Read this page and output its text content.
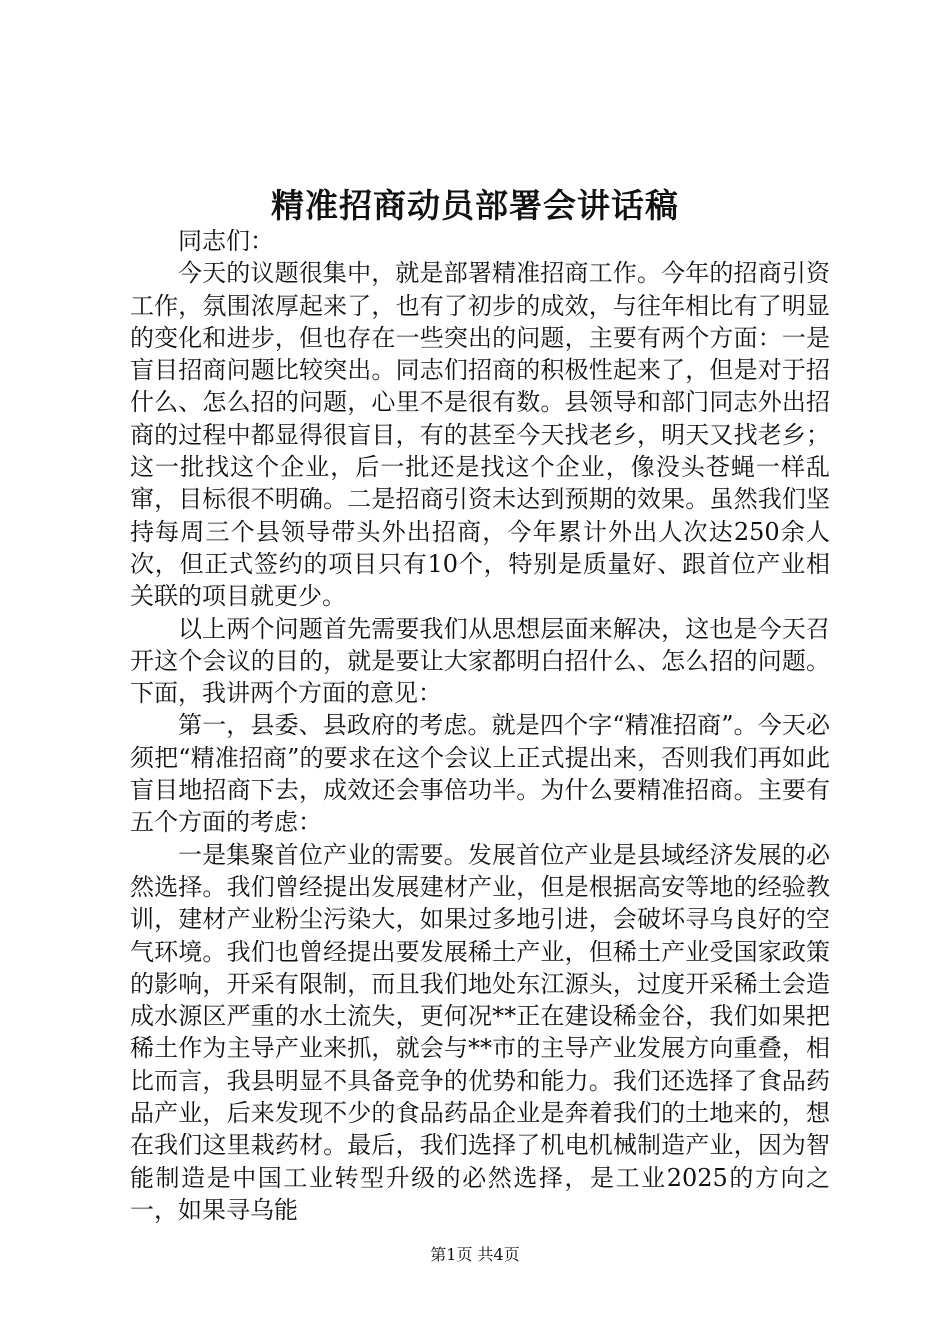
精准招商动员部署会讲话稿

同志们：

今天的议题很集中，就是部署精准招商工作。今年的招商引资工作，氛围浓厚起来了，也有了初步的成效，与往年相比有了明显的变化和进步，但也存在一些突出的问题，主要有两个方面：一是盲目招商问题比较突出。同志们招商的积极性起来了，但是对于招什么、怎么招的问题，心里不是很有数。县领导和部门同志外出招商的过程中都显得很盲目，有的甚至今天找老乡，明天又找老乡；这一批找这个企业，后一批还是找这个企业，像没头苍蝇一样乱窜，目标很不明确。二是招商引资未达到预期的效果。虽然我们坚持每周三个县领导带头外出招商，今年累计外出人次达250余人次，但正式签约的项目只有10个，特别是质量好、跟首位产业相关联的项目就更少。

以上两个问题首先需要我们从思想层面来解决，这也是今天召开这个会议的目的，就是要让大家都明白招什么、怎么招的问题。下面，我讲两个方面的意见：

第一，县委、县政府的考虑。就是四个字“精准招商”。今天必须把“精准招商”的要求在这个会议上正式提出来，否则我们再如此盲目地招商下去，成效还会事倍功半。为什么要精准招商。主要有五个方面的考虑：

一是集聚首位产业的需要。发展首位产业是县域经济发展的必然选择。我们曾经提出发展建材产业，但是根据高安等地的经验教训，建材产业粉尘污染大，如果过多地引进，会破坏寻乌良好的空气环境。我们也曾经提出要发展稀土产业，但稀土产业受国家政策的影响，开采有限制，而且我们地处东江源头，过度开采稀土会造成水源区严重的水土流失，更何况**正在建设稀金谷，我们如果把稀土作为主导产业来抓，就会与**市的主导产业发展方向重叠，相比而言，我县明显不具备竞争的优势和能力。我们还选择了食品药品产业，后来发现不少的食品药品企业是奔着我们的土地来的，想在我们这里栽药材。最后，我们选择了机电机械制造产业，因为智能制造是中国工业转型升级的必然选择，是工业2025的方向之一，如果寻乌能

第1页 共4页
